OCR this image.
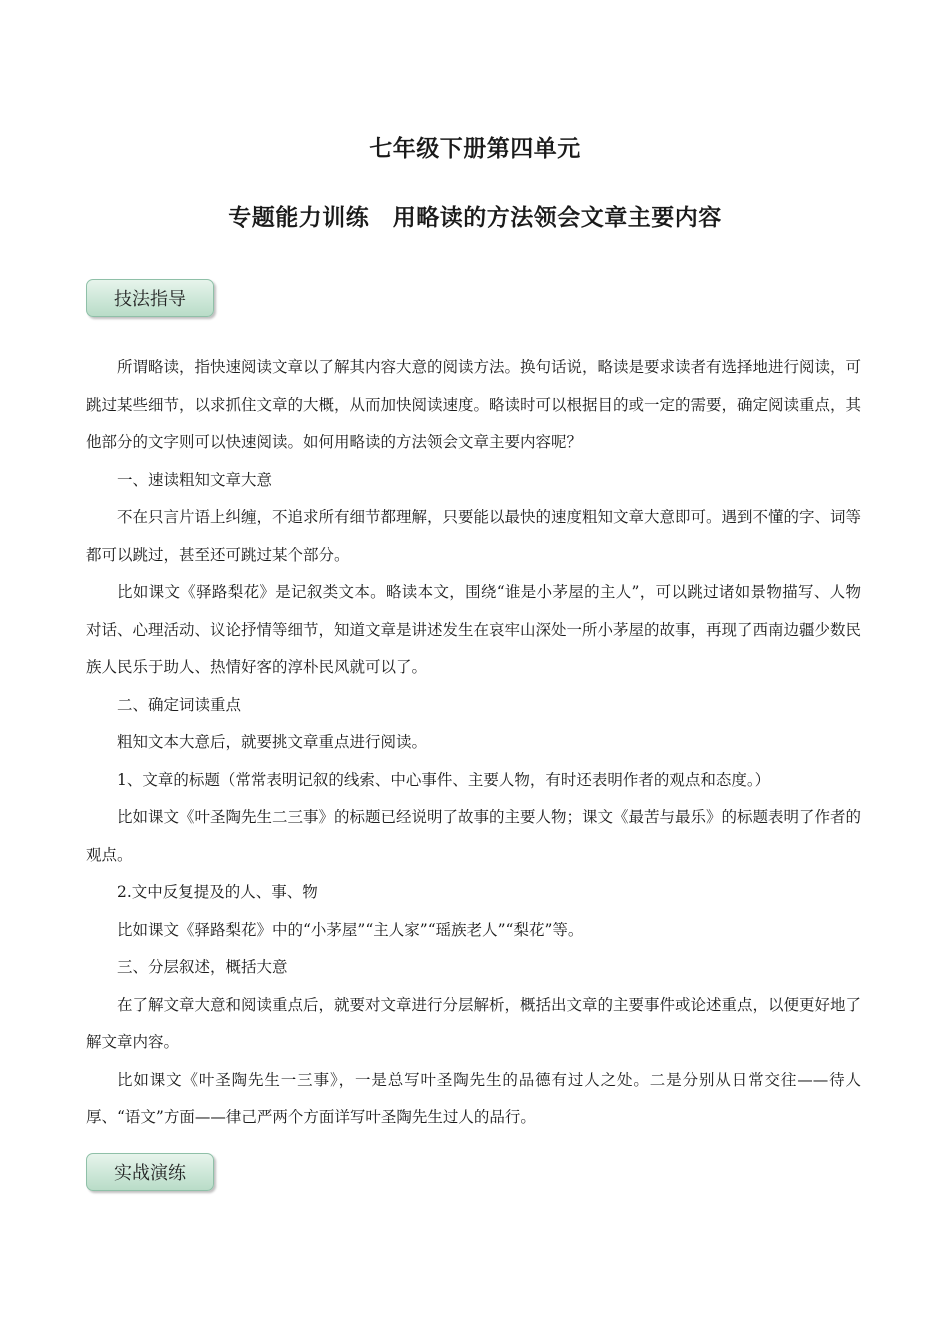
七年级下册第四单元
专题能力训练　用略读的方法领会文章主要内容
技法指导

所谓略读，指快速阅读文章以了解其内容大意的阅读方法。换句话说，略读是要求读者有选择地进行阅读，可跳过某些细节，以求抓住文章的大概，从而加快阅读速度。略读时可以根据目的或一定的需要，确定阅读重点，其他部分的文字则可以快速阅读。如何用略读的方法领会文章主要内容呢？

一、速读粗知文章大意

不在只言片语上纠缠，不追求所有细节都理解，只要能以最快的速度粗知文章大意即可。遇到不懂的字、词等都可以跳过，甚至还可跳过某个部分。

比如课文《驿路梨花》是记叙类文本。略读本文，围绕“谁是小茅屋的主人”，可以跳过诸如景物描写、人物对话、心理活动、议论抒情等细节，知道文章是讲述发生在哀牢山深处一所小茅屋的故事，再现了西南边疆少数民族人民乐于助人、热情好客的淳朴民风就可以了。

二、确定词读重点

粗知文本大意后，就要挑文章重点进行阅读。

1、文章的标题（常常表明记叙的线索、中心事件、主要人物，有时还表明作者的观点和态度。）

比如课文《叶圣陶先生二三事》的标题已经说明了故事的主要人物；课文《最苦与最乐》的标题表明了作者的观点。

2.文中反复提及的人、事、物

比如课文《驿路梨花》中的“小茅屋”“主人家”“瑶族老人”“梨花”等。

三、分层叙述，概括大意

在了解文章大意和阅读重点后，就要对文章进行分层解析，概括出文章的主要事件或论述重点，以便更好地了解文章内容。

比如课文《叶圣陶先生一三事》，一是总写叶圣陶先生的品德有过人之处。二是分别从日常交往——待人厚、“语文”方面——律己严两个方面详写叶圣陶先生过人的品行。

实战演练
